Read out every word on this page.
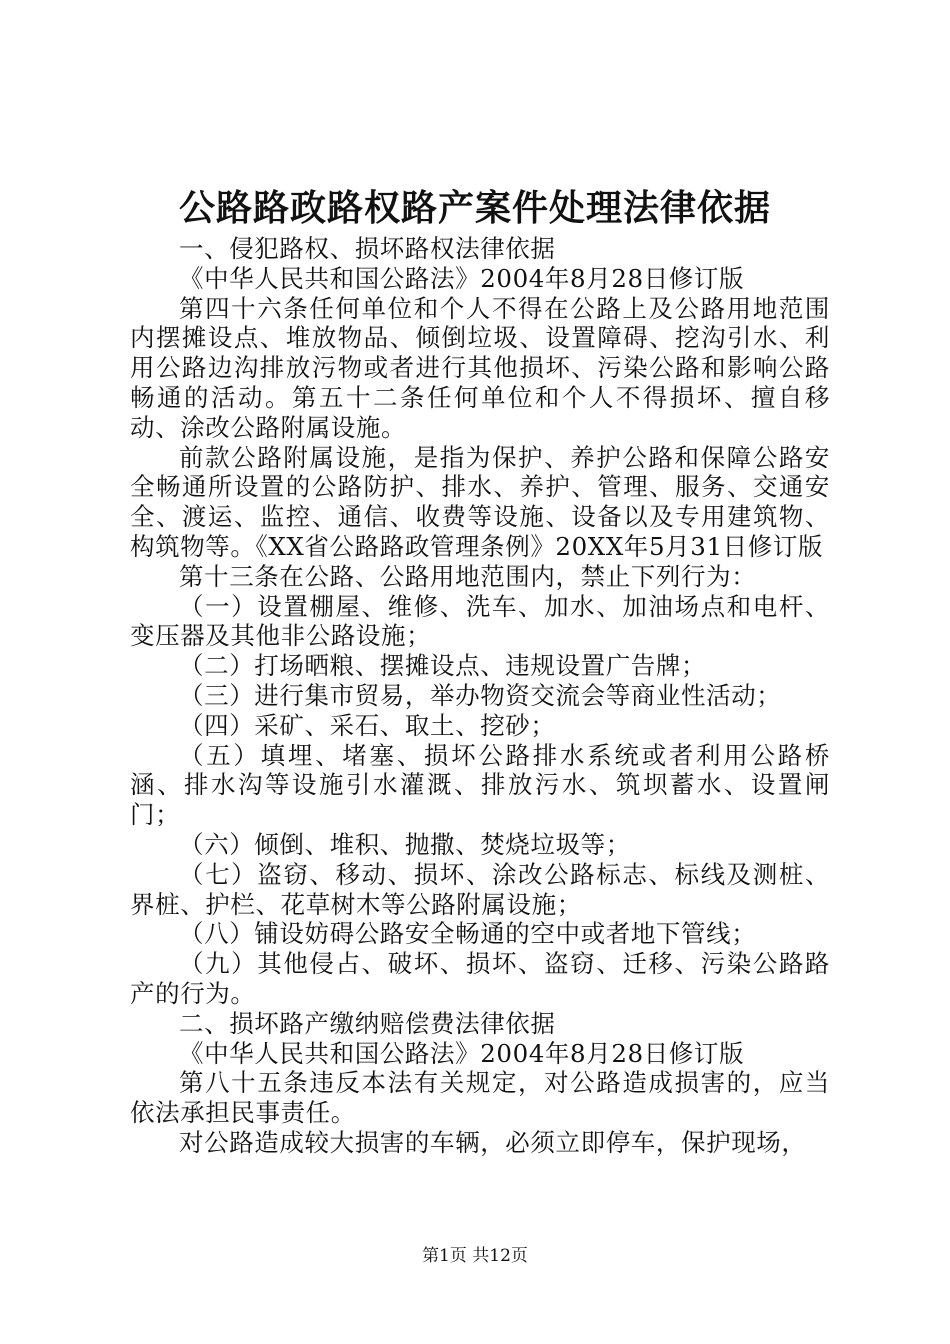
公路路政路权路产案件处理法律依据

一、侵犯路权、损坏路权法律依据

《中华人民共和国公路法》2004年8月28日修订版

第四十六条任何单位和个人不得在公路上及公路用地范围内摆摊设点、堆放物品、倾倒垃圾、设置障碍、挖沟引水、利用公路边沟排放污物或者进行其他损坏、污染公路和影响公路畅通的活动。第五十二条任何单位和个人不得损坏、擅自移动、涂改公路附属设施。

前款公路附属设施，是指为保护、养护公路和保障公路安全畅通所设置的公路防护、排水、养护、管理、服务、交通安全、渡运、监控、通信、收费等设施、设备以及专用建筑物、构筑物等。《XX省公路路政管理条例》20XX年5月31日修订版

第十三条在公路、公路用地范围内，禁止下列行为：

（一）设置棚屋、维修、洗车、加水、加油场点和电杆、变压器及其他非公路设施；

（二）打场晒粮、摆摊设点、违规设置广告牌；

（三）进行集市贸易，举办物资交流会等商业性活动；

（四）采矿、采石、取土、挖砂；

（五）填埋、堵塞、损坏公路排水系统或者利用公路桥涵、排水沟等设施引水灌溉、排放污水、筑坝蓄水、设置闸门；

（六）倾倒、堆积、抛撒、焚烧垃圾等；

（七）盗窃、移动、损坏、涂改公路标志、标线及测桩、界桩、护栏、花草树木等公路附属设施；

（八）铺设妨碍公路安全畅通的空中或者地下管线；

（九）其他侵占、破坏、损坏、盗窃、迁移、污染公路路产的行为。

二、损坏路产缴纳赔偿费法律依据

《中华人民共和国公路法》2004年8月28日修订版

第八十五条违反本法有关规定，对公路造成损害的，应当依法承担民事责任。

对公路造成较大损害的车辆，必须立即停车，保护现场，

第1页 共12页
